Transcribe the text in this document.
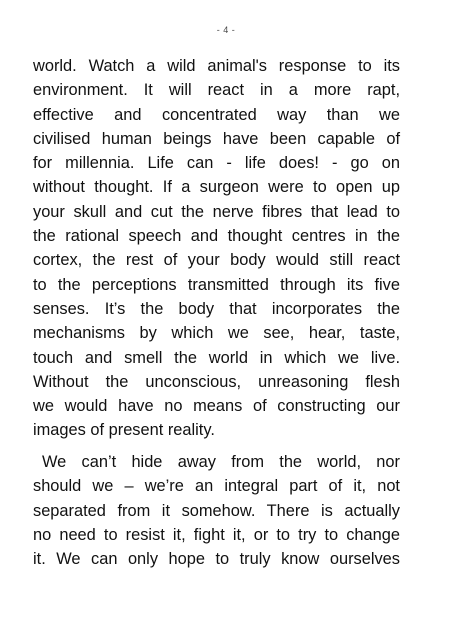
- 4 -
world. Watch a wild animal's response to its
environment. It will react in a more rapt,
effective and concentrated way than we
civilised human beings have been capable of
for millennia. Life can - life does! - go on
without thought. If a surgeon were to open up
your skull and cut the nerve fibres that lead to
the rational speech and thought centres in the
cortex, the rest of your body would still react
to the perceptions transmitted through its five
senses. It’s the body that incorporates the
mechanisms by which we see, hear, taste,
touch and smell the world in which we live.
Without the unconscious, unreasoning flesh
we would have no means of constructing our
images of present reality.
We can’t hide away from the world, nor
should we – we’re an integral part of it, not
separated from it somehow. There is actually
no need to resist it, fight it, or to try to change
it. We can only hope to truly know ourselves
